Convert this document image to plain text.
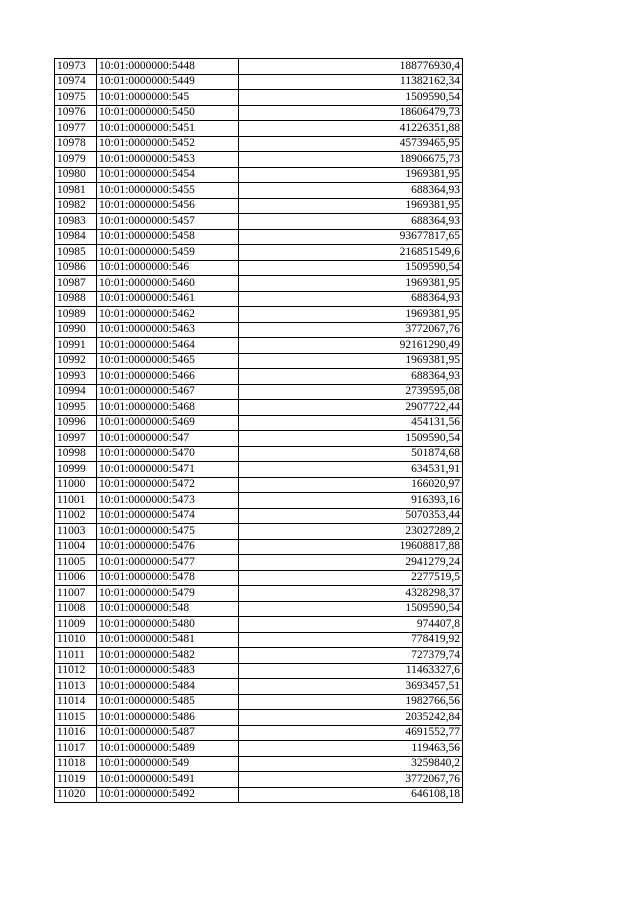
10973	10:01:0000000:5448	188776930,4
10974	10:01:0000000:5449	11382162,34
10975	10:01:0000000:545	1509590,54
10976	10:01:0000000:5450	18606479,73
10977	10:01:0000000:5451	41226351,88
10978	10:01:0000000:5452	45739465,95
10979	10:01:0000000:5453	18906675,73
10980	10:01:0000000:5454	1969381,95
10981	10:01:0000000:5455	688364,93
10982	10:01:0000000:5456	1969381,95
10983	10:01:0000000:5457	688364,93
10984	10:01:0000000:5458	93677817,65
10985	10:01:0000000:5459	216851549,6
10986	10:01:0000000:546	1509590,54
10987	10:01:0000000:5460	1969381,95
10988	10:01:0000000:5461	688364,93
10989	10:01:0000000:5462	1969381,95
10990	10:01:0000000:5463	3772067,76
10991	10:01:0000000:5464	92161290,49
10992	10:01:0000000:5465	1969381,95
10993	10:01:0000000:5466	688364,93
10994	10:01:0000000:5467	2739595,08
10995	10:01:0000000:5468	2907722,44
10996	10:01:0000000:5469	454131,56
10997	10:01:0000000:547	1509590,54
10998	10:01:0000000:5470	501874,68
10999	10:01:0000000:5471	634531,91
11000	10:01:0000000:5472	166020,97
11001	10:01:0000000:5473	916393,16
11002	10:01:0000000:5474	5070353,44
11003	10:01:0000000:5475	23027289,2
11004	10:01:0000000:5476	19608817,88
11005	10:01:0000000:5477	2941279,24
11006	10:01:0000000:5478	2277519,5
11007	10:01:0000000:5479	4328298,37
11008	10:01:0000000:548	1509590,54
11009	10:01:0000000:5480	974407,8
11010	10:01:0000000:5481	778419,92
11011	10:01:0000000:5482	727379,74
11012	10:01:0000000:5483	11463327,6
11013	10:01:0000000:5484	3693457,51
11014	10:01:0000000:5485	1982766,56
11015	10:01:0000000:5486	2035242,84
11016	10:01:0000000:5487	4691552,77
11017	10:01:0000000:5489	119463,56
11018	10:01:0000000:549	3259840,2
11019	10:01:0000000:5491	3772067,76
11020	10:01:0000000:5492	646108,18
